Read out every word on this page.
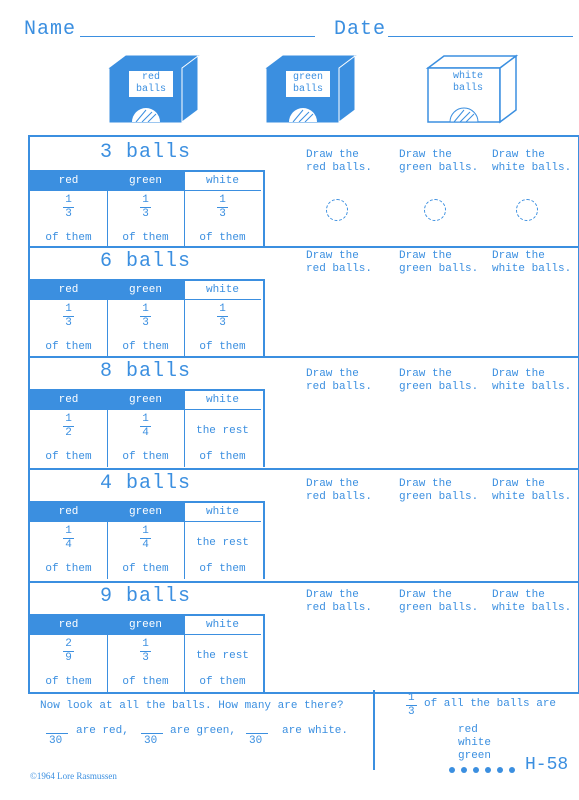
Name	Date
red
balls
green
balls
white
balls
3 balls
red
$\frac{1}{3}$
of them
green
$\frac{1}{3}$
of them
white
$\frac{1}{3}$
of them
Draw the
red balls.
Draw the
green balls.
Draw the
white balls.
6 balls
red
$\frac{1}{3}$
of them
green
$\frac{1}{3}$
of them
white
$\frac{1}{3}$
of them
Draw the
red balls.
Draw the
green balls.
Draw the
white balls.
8 balls
red
$\frac{1}{2}$
of them
green
$\frac{1}{4}$
of them
white
the rest
of them
Draw the
red balls.
Draw the
green balls.
Draw the
white balls.
4 balls
red
$\frac{1}{4}$
of them
green
$\frac{1}{4}$
of them
white
the rest
of them
Draw the
red balls.
Draw the
green balls.
Draw the
white balls.
9 balls
red
$\frac{2}{9}$
of them
green
$\frac{1}{3}$
of them
white
the rest
of them
Draw the
red balls.
Draw the
green balls.
Draw the
white balls.
Now look at all the balls. How many are there?
30
are red,
30
are green,
30
are white.
1
3
of all the balls are
red
white
green
©1964 Lore Rasmussen
H-58
